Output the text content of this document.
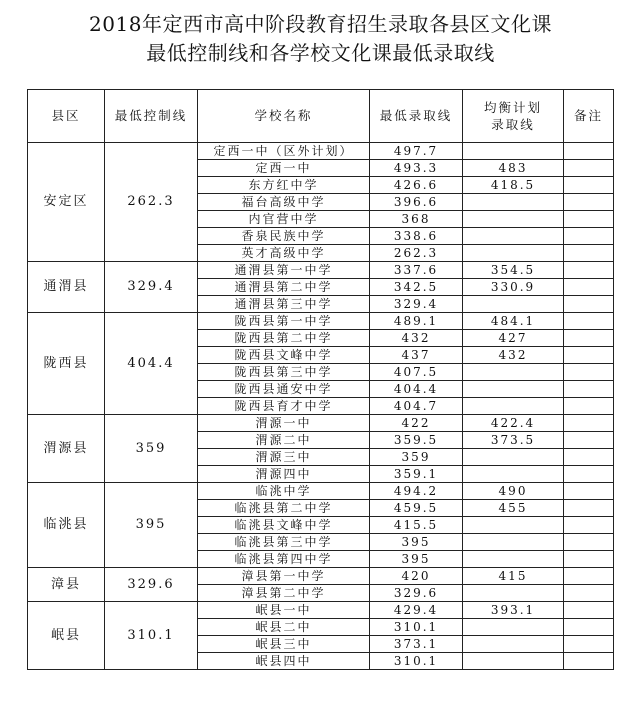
2018年定西市高中阶段教育招生录取各县区文化课
最低控制线和各学校文化课最低录取线
县区	最低控制线	学校名称	最低录取线	均衡计划
录取线	备注
安定区	262.3	定西一中（区外计划）	497.7		
		定西一中	493.3	483	
		东方红中学	426.6	418.5	
		福台高级中学	396.6		
		内官营中学	368		
		香泉民族中学	338.6		
		英才高级中学	262.3		
通渭县	329.4	通渭县第一中学	337.6	354.5	
		通渭县第二中学	342.5	330.9	
		通渭县第三中学	329.4		
陇西县	404.4	陇西县第一中学	489.1	484.1	
		陇西县第二中学	432	427	
		陇西县文峰中学	437	432	
		陇西县第三中学	407.5		
		陇西县通安中学	404.4		
		陇西县育才中学	404.7		
渭源县	359	渭源一中	422	422.4	
		渭源二中	359.5	373.5	
		渭源三中	359		
		渭源四中	359.1		
临洮县	395	临洮中学	494.2	490	
		临洮县第二中学	459.5	455	
		临洮县文峰中学	415.5		
		临洮县第三中学	395		
		临洮县第四中学	395		
漳县	329.6	漳县第一中学	420	415	
		漳县第二中学	329.6		
岷县	310.1	岷县一中	429.4	393.1	
		岷县二中	310.1		
		岷县三中	373.1		
		岷县四中	310.1		
